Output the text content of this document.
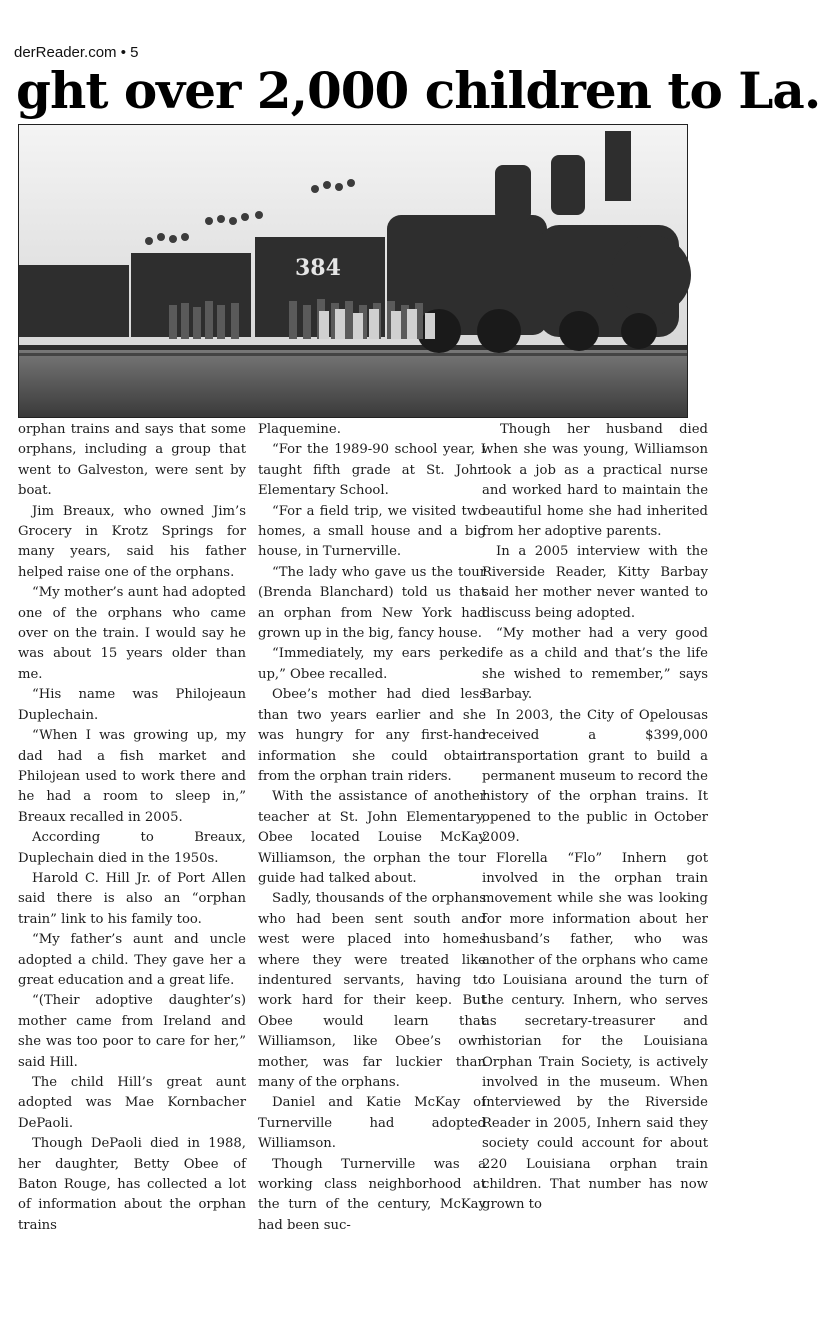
derReader.com • 5
ght over 2,000 children to La.
384

orphan trains and says that some orphans, including a group that went to Galveston, were sent by boat.

Jim Breaux, who owned Jim’s Grocery in Krotz Springs for many years, said his father helped raise one of the orphans.

“My mother’s aunt had adopted one of the orphans who came over on the train. I would say he was about 15 years older than me.

“His name was Philojeaun Duplechain.

“When I was growing up, my dad had a fish market and Philojean used to work there and he had a room to sleep in,” Breaux recalled in 2005.

According to Breaux, Duplechain died in the 1950s.

Harold C. Hill Jr. of Port Allen said there is also an “orphan train” link to his family too.

“My father’s aunt and uncle adopted a child. They gave her a great education and a great life.

“(Their adoptive daughter’s) mother came from Ireland and she was too poor to care for her,” said Hill.

The child Hill’s great aunt adopted was Mae Kornbacher DePaoli.

Though DePaoli died in 1988, her daughter, Betty Obee of Baton Rouge, has collected a lot of information about the orphan trains

Plaquemine.

“For the 1989-90 school year, I taught fifth grade at St. John Elementary School.

“For a field trip, we visited two homes, a small house and a big house, in Turnerville.

“The lady who gave us the tour (Brenda Blanchard) told us that an orphan from New York had grown up in the big, fancy house.

“Immediately, my ears perked up,” Obee recalled.

Obee’s mother had died less than two years earlier and she was hungry for any first-hand information she could obtain from the orphan train riders.

With the assistance of another teacher at St. John Elementary, Obee located Louise McKay Williamson, the orphan the tour guide had talked about.

Sadly, thousands of the orphans who had been sent south and west were placed into homes where they were treated like indentured servants, having to work hard for their keep. But Obee would learn that Williamson, like Obee’s own mother, was far luckier than many of the orphans.

Daniel and Katie McKay of Turnerville had adopted Williamson.

Though Turnerville was a working class neighborhood at the turn of the century, McKay had been suc-

Though her husband died when she was young, Williamson took a job as a practical nurse and worked hard to maintain the beautiful home she had inherited from her adoptive parents.

In a 2005 interview with the Riverside Reader, Kitty Barbay said her mother never wanted to discuss being adopted.

“My mother had a very good life as a child and that’s the life she wished to remember,” says Barbay.

In 2003, the City of Opelousas received a $399,000 transportation grant to build a permanent museum to record the history of the orphan trains. It opened to the public in October 2009.

Florella “Flo” Inhern got involved in the orphan train movement while she was looking for more information about her husband’s father, who was another of the orphans who came to Louisiana around the turn of the century. Inhern, who serves as secretary-treasurer and historian for the Louisiana Orphan Train Society, is actively involved in the museum. When interviewed by the Riverside Reader in 2005, Inhern said they society could account for about 220 Louisiana orphan train children. That number has now grown to
